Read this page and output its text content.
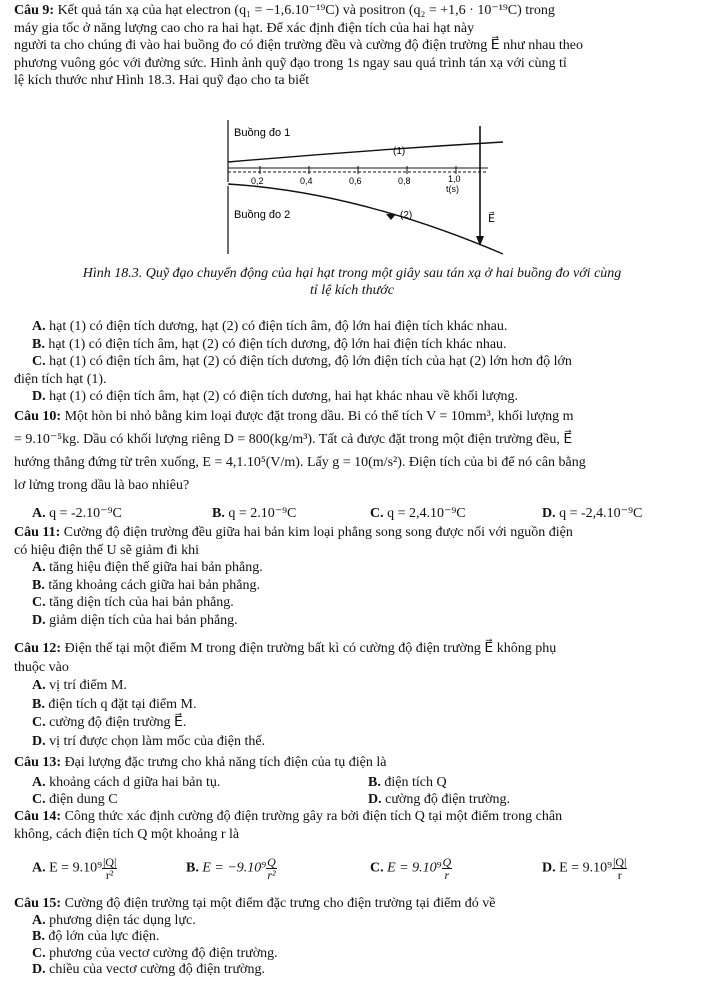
Câu 9: Kết quả tán xạ của hạt electron (q₁ = −1,6.10⁻¹⁹C) và positron (q₂ = +1,6 · 10⁻¹⁹C) trong
máy gia tốc ở năng lượng cao cho ra hai hạt. Để xác định điện tích của hai hạt này
người ta cho chúng đi vào hai buồng đo có điện trường đều và cường độ điện trường E⃗ như nhau theo
phương vuông góc với đường sức. Hình ảnh quỹ đạo trong 1s ngay sau quá trình tán xạ với cùng tỉ
lệ kích thước như Hình 18.3. Hai quỹ đạo cho ta biết
Buồng đo 1
(1)
0,2	0,4	0,6	0,8	1,0
t(s)
Buồng đo 2	(2)	E⃗
Hình 18.3. Quỹ đạo chuyển động của hại hạt trong một giây sau tán xạ ở hai buồng đo với cùng
tỉ lệ kích thước
A. hạt (1) có điện tích dương, hạt (2) có điện tích âm, độ lớn hai điện tích khác nhau.
B. hạt (1) có điện tích âm, hạt (2) có điện tích dương, độ lớn hai điện tích khác nhau.
C. hạt (1) có điện tích âm, hạt (2) có điện tích dương, độ lớn điện tích của hạt (2) lớn hơn độ lớn
điện tích hạt (1).
D. hạt (1) có điện tích âm, hạt (2) có điện tích dương, hai hạt khác nhau về khối lượng.
Câu 10: Một hòn bi nhỏ bằng kim loại được đặt trong dầu. Bi có thể tích V = 10mm³, khối lượng m
= 9.10⁻⁵kg. Dầu có khối lượng riêng D = 800(kg/m³). Tất cả được đặt trong một điện trường đều, E⃗
hướng thẳng đứng từ trên xuống, E = 4,1.10⁵(V/m). Lấy g = 10(m/s²). Điện tích của bi để nó cân bằng
lơ lửng trong dầu là bao nhiêu?
A. q = -2.10⁻⁹C	B. q = 2.10⁻⁹C	C. q = 2,4.10⁻⁹C	D. q = -2,4.10⁻⁹C
Câu 11: Cường độ điện trường đều giữa hai bản kim loại phẳng song song được nối với nguồn điện
có hiệu điện thế U sẽ giảm đi khi
A. tăng hiệu điện thế giữa hai bản phẳng.
B. tăng khoảng cách giữa hai bản phẳng.
C. tăng diện tích của hai bản phẳng.
D. giảm diện tích của hai bản phẳng.
Câu 12: Điện thế tại một điểm M trong điện trường bất kì có cường độ điện trường E⃗ không phụ
thuộc vào
A. vị trí điểm M.
B. điện tích q đặt tại điểm M.
C. cường độ điện trường E⃗.
D. vị trí được chọn làm mốc của điện thế.
Câu 13: Đại lượng đặc trưng cho khả năng tích điện của tụ điện là
A. khoảng cách d giữa hai bản tụ.	B. điện tích Q
C. điện dung C	D. cường độ điện trường.
Câu 14: Công thức xác định cường độ điện trường gây ra bởi điện tích Q tại một điểm trong chân
không, cách điện tích Q một khoảng r là
A. $E = 9.10^9 \frac{|Q|}{\text{r²}}$	B. $E = -9.10^9 \frac{Q}{\text{r²}}$	C. $E = 9.10^9 \frac{Q}{r}$	D. $E = 9.10^9 \frac{|Q|}{r}$
Câu 15: Cường độ điện trường tại một điểm đặc trưng cho điện trường tại điểm đó về
A. phương diện tác dụng lực.
B. độ lớn của lực điện.
C. phương của vectơ cường độ điện trường.
D. chiều của vectơ cường độ điện trường.
